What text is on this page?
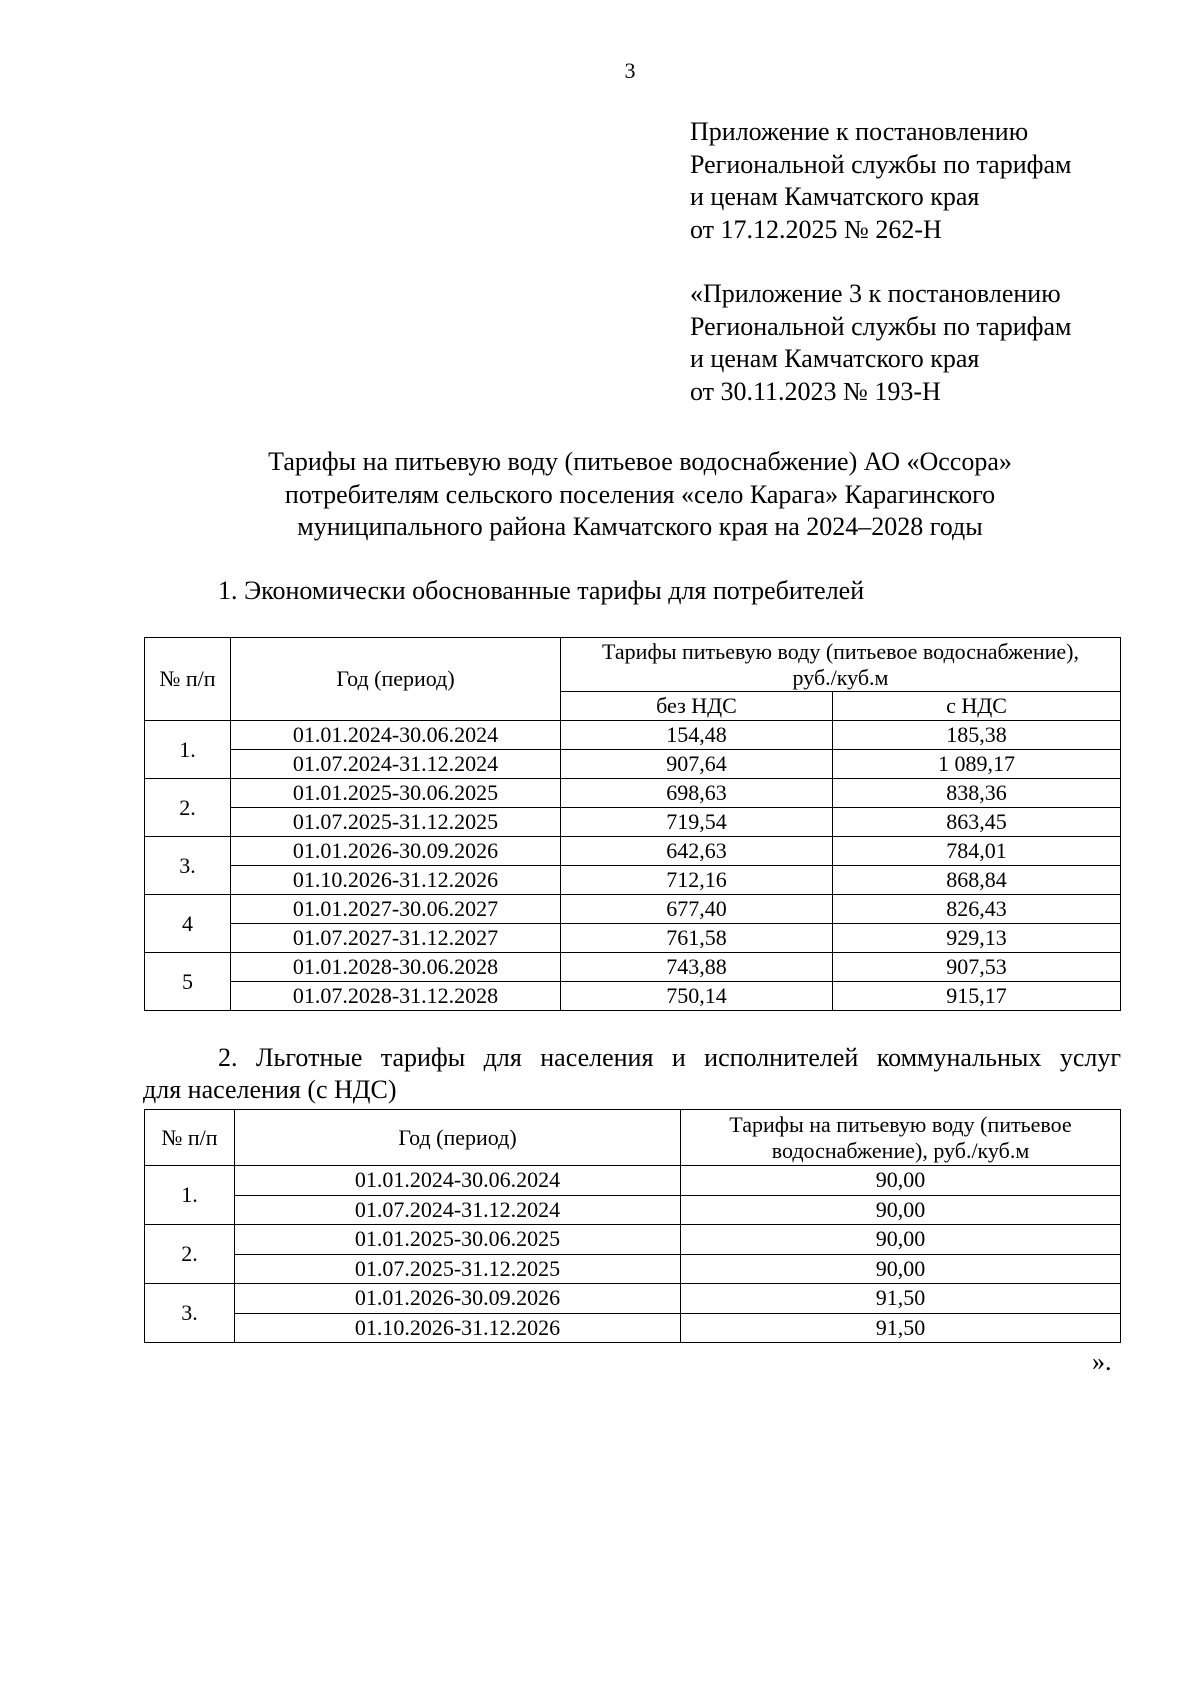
3
Приложение к постановлению
Региональной службы по тарифам
и ценам Камчатского края
от 17.12.2025 № 262-Н
«Приложение 3 к постановлению
Региональной службы по тарифам
и ценам Камчатского края
от 30.11.2023 № 193-Н
Тарифы на питьевую воду (питьевое водоснабжение) АО «Оссора»
потребителям сельского поселения «село Карага» Карагинского
муниципального района Камчатского края на 2024–2028 годы
1. Экономически обоснованные тарифы для потребителей
№ п/п	Год (период)	Тарифы питьевую воду (питьевое водоснабжение), руб./куб.м	
		без НДС	с НДС
1.	01.01.2024-30.06.2024	154,48	185,38
	01.07.2024-31.12.2024	907,64	1 089,17
2.	01.01.2025-30.06.2025	698,63	838,36
	01.07.2025-31.12.2025	719,54	863,45
3.	01.01.2026-30.09.2026	642,63	784,01
	01.10.2026-31.12.2026	712,16	868,84
4	01.01.2027-30.06.2027	677,40	826,43
	01.07.2027-31.12.2027	761,58	929,13
5	01.01.2028-30.06.2028	743,88	907,53
	01.07.2028-31.12.2028	750,14	915,17
2. Льготные тарифы для населения и исполнителей коммунальных услуг
для населения (с НДС)
№ п/п	Год (период)	Тарифы на питьевую воду (питьевое водоснабжение), руб./куб.м
1.	01.01.2024-30.06.2024	90,00
	01.07.2024-31.12.2024	90,00
2.	01.01.2025-30.06.2025	90,00
	01.07.2025-31.12.2025	90,00
3.	01.01.2026-30.09.2026	91,50
	01.10.2026-31.12.2026	91,50
».
